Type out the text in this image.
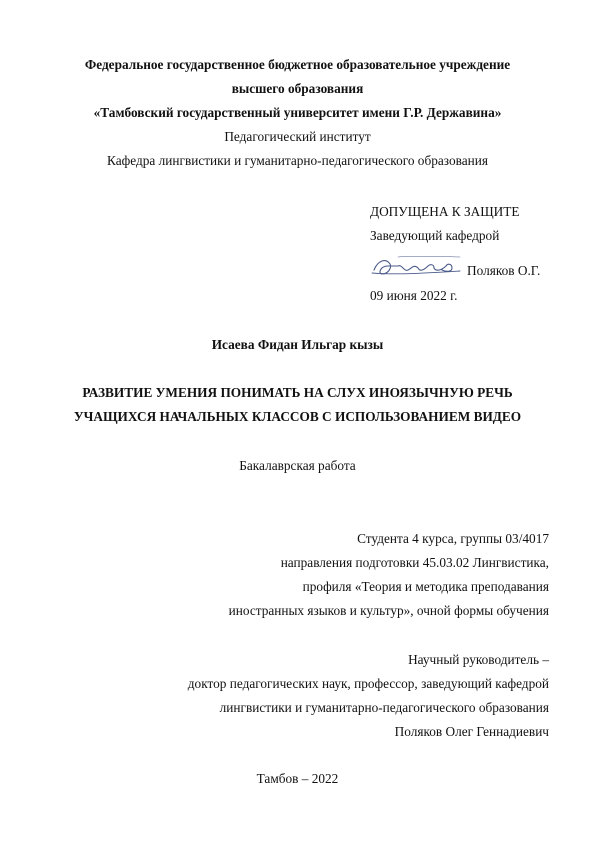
Федеральное государственное бюджетное образовательное учреждение
высшего образования
«Тамбовский государственный университет имени Г.Р. Державина»
Педагогический институт
Кафедра лингвистики и гуманитарно-педагогического образования
ДОПУЩЕНА К ЗАЩИТЕ
Заведующий кафедрой
Поляков О.Г.
09 июня 2022 г.
Исаева Фидан Ильгар кызы
РАЗВИТИЕ УМЕНИЯ ПОНИМАТЬ НА СЛУХ ИНОЯЗЫЧНУЮ РЕЧЬ
УЧАЩИХСЯ НАЧАЛЬНЫХ КЛАССОВ С ИСПОЛЬЗОВАНИЕМ ВИДЕО
Бакалаврская работа
Студента 4 курса, группы 03/4017
направления подготовки 45.03.02 Лингвистика,
профиля «Теория и методика преподавания
иностранных языков и культур», очной формы обучения
Научный руководитель –
доктор педагогических наук, профессор, заведующий кафедрой
лингвистики и гуманитарно-педагогического образования
Поляков Олег Геннадиевич
Тамбов – 2022
